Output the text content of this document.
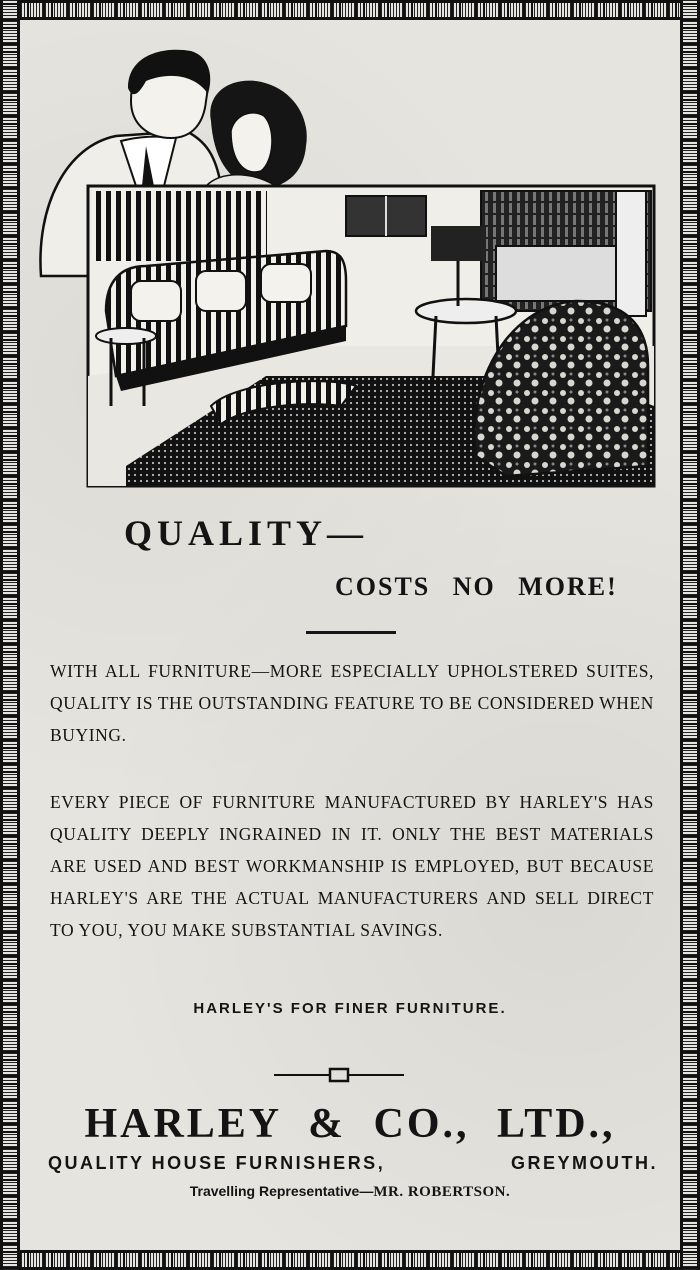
QUALITY—
COSTS NO MORE!
WITH ALL FURNITURE—MORE ESPECIALLY UPHOLSTERED SUITES, QUALITY IS THE OUTSTANDING FEATURE TO BE CONSIDERED WHEN BUYING.
EVERY PIECE OF FURNITURE MANUFACTURED BY HARLEY'S HAS QUALITY DEEPLY INGRAINED IN IT. ONLY THE BEST MATERIALS ARE USED AND BEST WORKMANSHIP IS EMPLOYED, BUT BECAUSE HARLEY'S ARE THE ACTUAL MANUFACTURERS AND SELL DIRECT TO YOU, YOU MAKE SUBSTANTIAL SAVINGS.
HARLEY'S FOR FINER FURNITURE.
HARLEY & CO., LTD.,
QUALITY HOUSE FURNISHERS,	GREYMOUTH.
Travelling Representative—MR. ROBERTSON.
